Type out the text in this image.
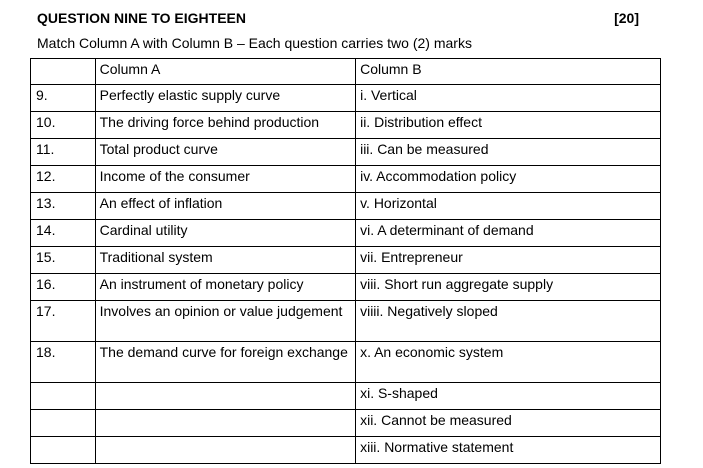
QUESTION NINE TO EIGHTEEN	[20]
Match Column A with Column B – Each question carries two (2) marks
	Column A	Column B
9.	Perfectly elastic supply curve	i. Vertical
10.	The driving force behind production	ii. Distribution effect
11.	Total product curve	iii. Can be measured
12.	Income of the consumer	iv. Accommodation policy
13.	An effect of inflation	v. Horizontal
14.	Cardinal utility	vi. A determinant of demand
15.	Traditional system	vii. Entrepreneur
16.	An instrument of monetary policy	viii. Short run aggregate supply
17.	Involves an opinion or value judgement	viiii. Negatively sloped
18.	The demand curve for foreign exchange	x. An economic system
		xi. S-shaped
		xii. Cannot be measured
		xiii. Normative statement
